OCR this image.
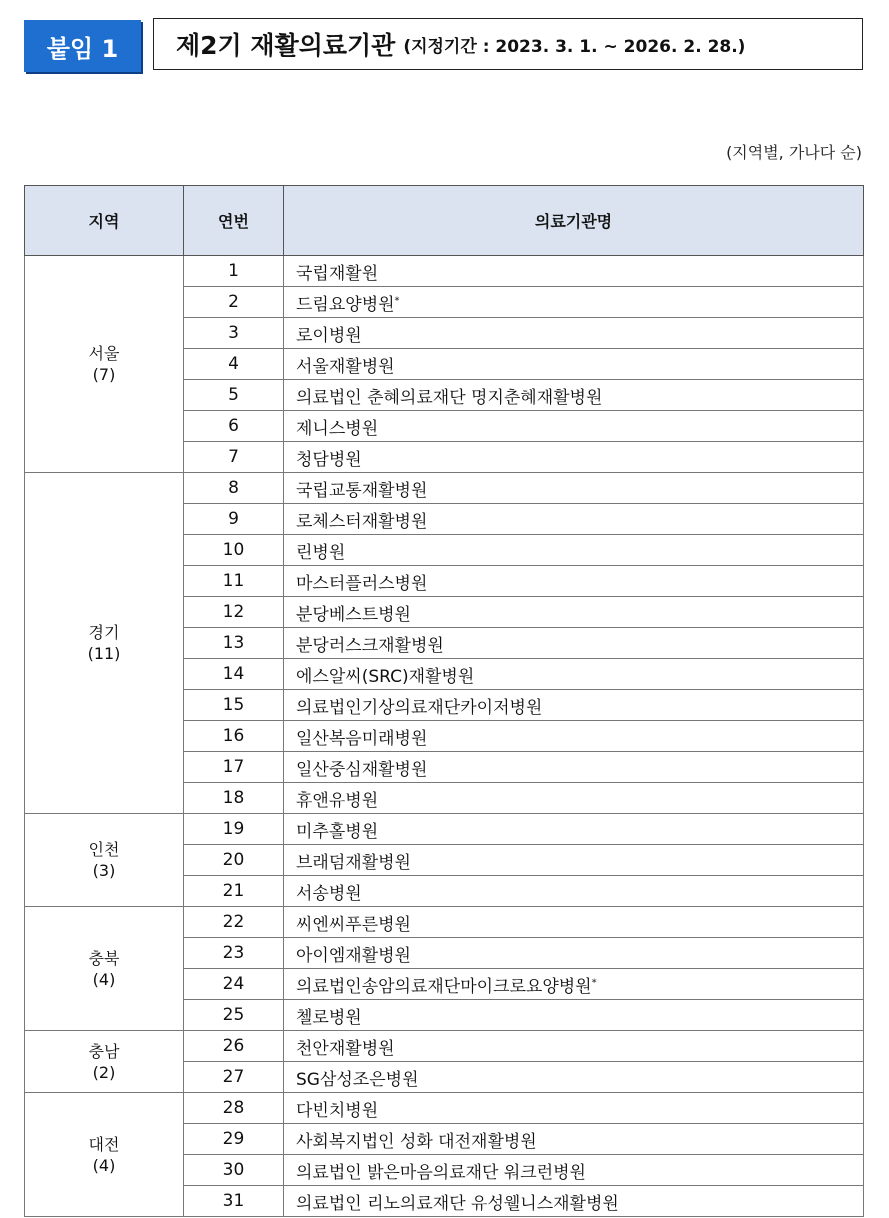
붙임 1	제2기 재활의료기관 (지정기간 : 2023. 3. 1. ~ 2026. 2. 28.)
(지역별, 가나다 순)
지역	연번	의료기관명
서울
(7)	1	국립재활원
	2	드림요양병원*
	3	로이병원
	4	서울재활병원
	5	의료법인 춘혜의료재단 명지춘혜재활병원
	6	제니스병원
	7	청담병원
경기
(11)	8	국립교통재활병원
	9	로체스터재활병원
	10	린병원
	11	마스터플러스병원
	12	분당베스트병원
	13	분당러스크재활병원
	14	에스알씨(SRC)재활병원
	15	의료법인기상의료재단카이저병원
	16	일산복음미래병원
	17	일산중심재활병원
	18	휴앤유병원
인천
(3)	19	미추홀병원
	20	브래덤재활병원
	21	서송병원
충북
(4)	22	씨엔씨푸른병원
	23	아이엠재활병원
	24	의료법인송암의료재단마이크로요양병원*
	25	첼로병원
충남
(2)	26	천안재활병원
	27	SG삼성조은병원
대전
(4)	28	다빈치병원
	29	사회복지법인 성화 대전재활병원
	30	의료법인 밝은마음의료재단 워크런병원
	31	의료법인 리노의료재단 유성웰니스재활병원
